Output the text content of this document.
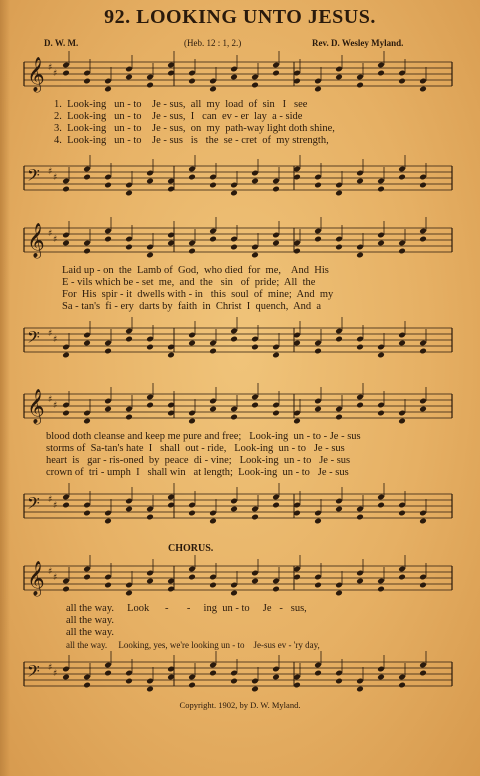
92. LOOKING UNTO JESUS.
D. W. M.	(Heb. 12 : 1, 2.)	Rev. D. Wesley Myland.
𝄞 ♯
♯
1.  Look-ing   un - to    Je - sus,  all  my  load  of  sin   I   see
2.  Look-ing   un - to    Je - sus,  I   can  ev - er  lay  a - side
3.  Look-ing   un - to    Je - sus,  on  my  path-way light doth shine,
4.  Look-ing   un - to    Je - sus   is   the  se - cret  of  my strength,
𝄢 ♯
♯
𝄞 ♯
♯
Laid up - on  the  Lamb of  God,  who died  for  me,    And  His
E - vils which be - set  me,  and  the   sin   of  pride;  All  the
For  His  spir - it  dwells with - in   this  soul  of  mine;  And  my
Sa - tan's  fi - ery  darts by  faith  in  Christ  I  quench,  And  a
𝄢 ♯
♯
𝄞 ♯
♯
blood doth cleanse and keep me pure and free;   Look-ing  un - to - Je - sus
storms of  Sa-tan's hate  I   shall  out - ride,   Look-ing  un - to   Je - sus
heart  is   gar - ris-oned  by  peace  di - vine;   Look-ing  un - to   Je - sus
crown of  tri - umph  I   shall win   at length;  Look-ing  un - to   Je - sus
𝄢 ♯
♯
CHORUS.
𝄞 ♯
♯
all the way.     Look      -       -     ing  un - to     Je   -   sus,
all the way.
all the way.
all the way.     Looking, yes, we're looking un - to    Je-sus ev - 'ry day,
𝄢 ♯
♯
Copyright. 1902, by D. W. Myland.
